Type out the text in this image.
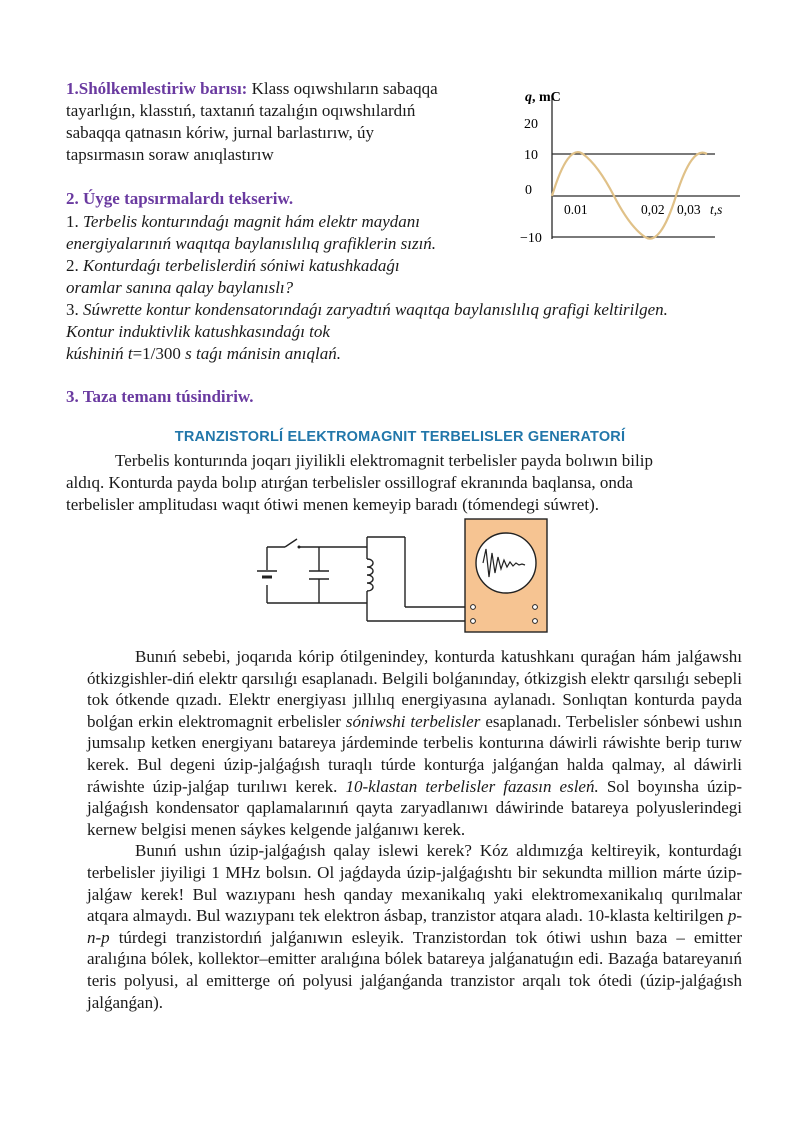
1.Shólkemlestiriw barısı: Klass oqıwshıların sabaqqa
tayarlıǵın, klasstıń, taxtanıń tazalıǵın oqıwshılardıń
sabaqqa qatnasın kóriw, jurnal barlastırıw, úy
tapsırmasın soraw anıqlastırıw
2. Úyge tapsırmalardı tekseriw.
1. Terbelis konturındaǵı magnit hám elektr maydanı
energiyalarınıń waqıtqa baylanıslılıq grafiklerin sızıń.
2. Konturdaǵı terbelislerdiń sóniwi katushkadaǵı
oramlar sanına qalay baylanıslı?
3. Súwrette kontur kondensatorındaǵı zaryadtıń waqıtqa baylanıslılıq grafigi keltirilgen.
Kontur induktivlik katushkasındaǵı tok
kúshiniń t=1/300 s taǵı mánisin anıqlań.
3. Taza temanı túsindiriw.
q, mC
20
10
0
−10
0.01	0,02 0,03 t,s
TRANZISTORLÍ ELEKTROMAGNIT TERBELISLER GENERATORÍ
Terbelis konturında joqarı jiyilikli elektromagnit terbelisler payda bolıwın bilip
aldıq. Konturda payda bolıp atırǵan terbelisler ossillograf ekranında baqlansa, onda
terbelisler amplitudası waqıt ótiwi menen kemeyip baradı (tómendegi súwret).

Bunıń sebebi, joqarıda kórip ótilgenindey, konturda katushkanı quraǵan hám jalǵawshı ótkizgishler-diń elektr qarsılıǵı esaplanadı. Belgili bolǵanınday, ótkizgish elektr qarsılıǵı sebepli tok ótkende qızadı. Elektr energiyası jıllılıq energiyasına aylanadı. Sonlıqtan konturda payda bolǵan erkin elektromagnit erbelisler sóniwshi terbelisler esaplanadı. Terbelisler sónbewi ushın jumsalıp ketken energiyanı batareya járdeminde terbelis konturına dáwirli ráwishte berip turıw kerek. Bul degeni úzip-jalǵaǵısh turaqlı túrde konturǵa jalǵanǵan halda qalmay, al dáwirli ráwishte úzip-jalǵap turılıwı kerek. 10-klastan terbelisler fazasın esleń. Sol boyınsha úzip-jalǵaǵısh kondensator qaplamalarınıń qayta zaryadlanıwı dáwirinde batareya polyuslerindegi kernew belgisi menen sáykes kelgende jalǵanıwı kerek.

Bunıń ushın úzip-jalǵaǵısh qalay islewi kerek? Kóz aldımızǵa keltireyik, konturdaǵı terbelisler jiyiligi 1 MHz bolsın. Ol jaǵdayda úzip-jalǵaǵıshtı bir sekundta million márte úzip-jalǵaw kerek! Bul wazıypanı hesh qanday mexanikalıq yaki elektromexanikalıq qurılmalar atqara almaydı. Bul wazıypanı tek elektron ásbap, tranzistor atqara aladı. 10-klasta keltirilgen p-n-p túrdegi tranzistordıń jalǵanıwın esleyik. Tranzistordan tok ótiwi ushın baza – emitter aralıǵına bólek, kollektor–emitter aralıǵına bólek batareya jalǵanatuǵın edi. Bazaǵa batareyanıń teris polyusi, al emitterge oń polyusi jalǵanǵanda tranzistor arqalı tok ótedi (úzip-jalǵaǵısh jalǵanǵan).
